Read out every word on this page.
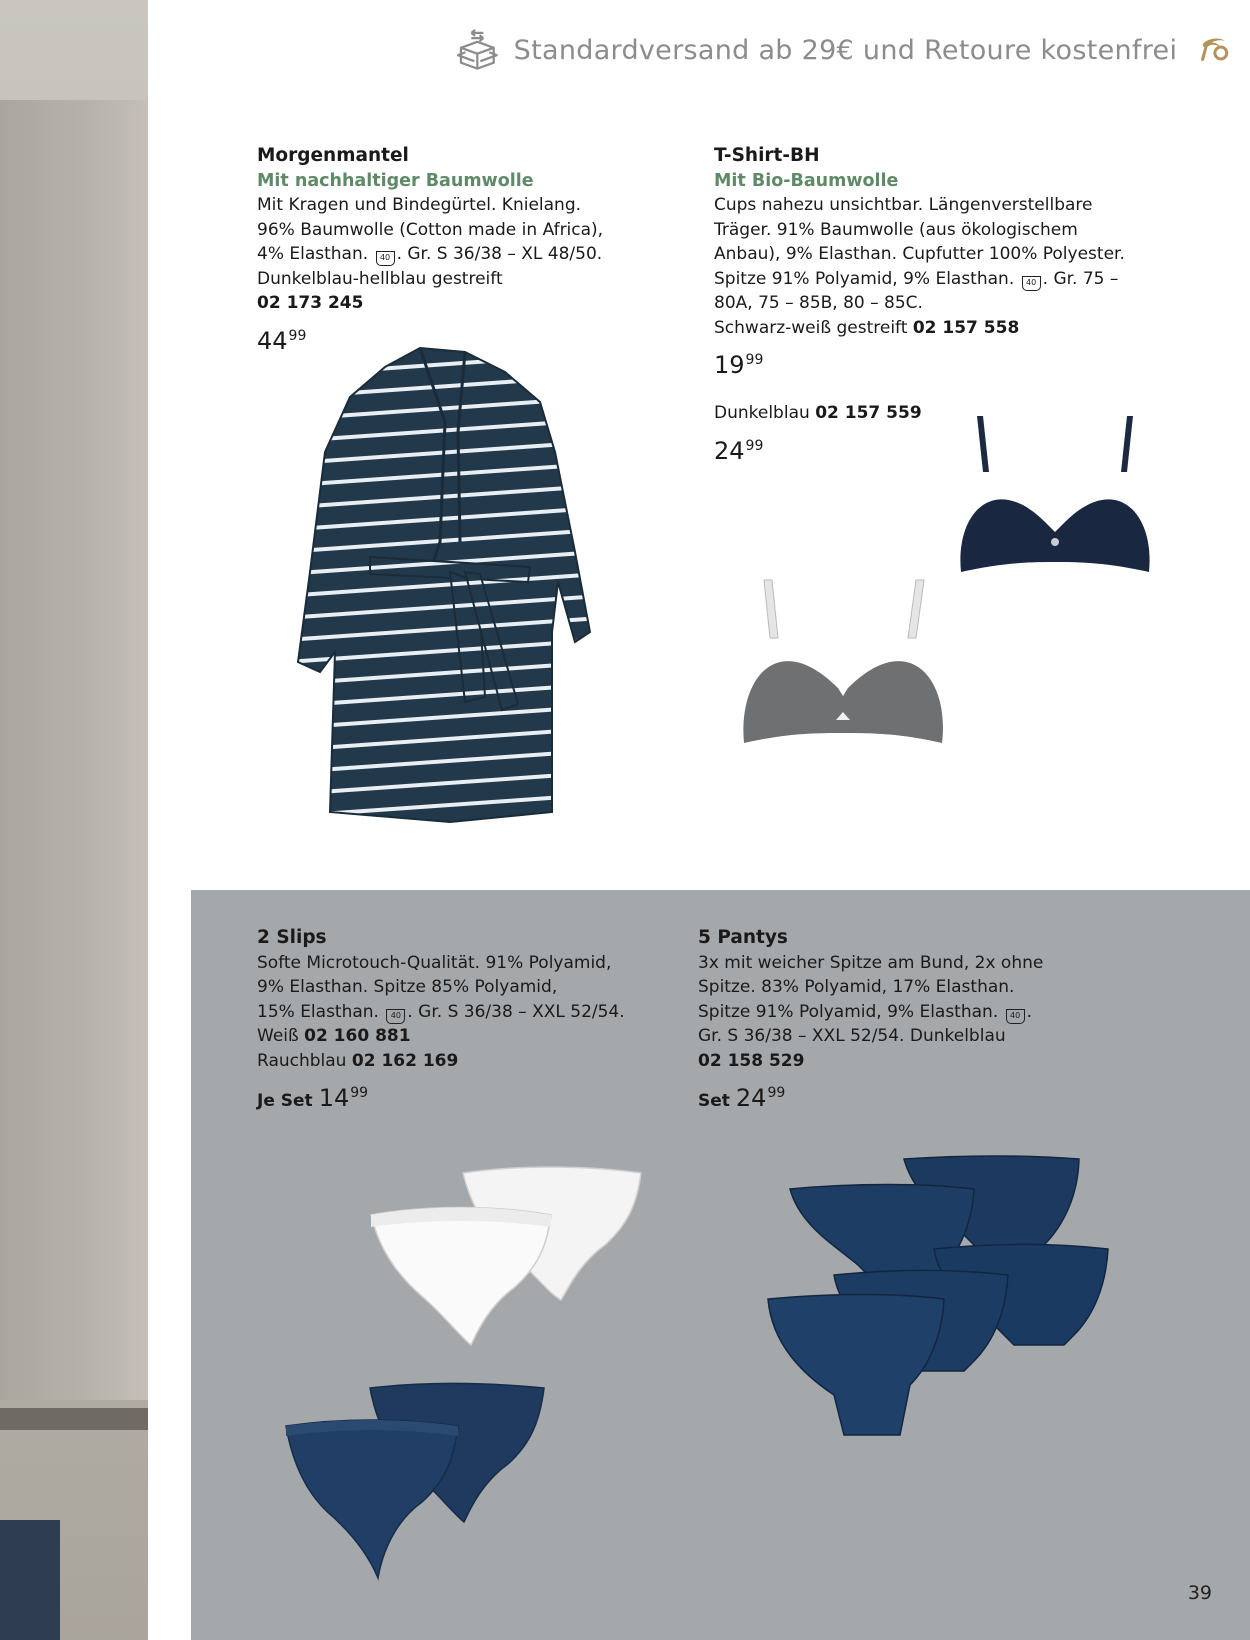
Standardversand ab 29€ und Retoure kostenfrei
Morgenmantel
Mit nachhaltiger Baumwolle
Mit Kragen und Bindegürtel. Knielang.
96% Baumwolle (Cotton made in Africa),
4% Elasthan. 40 . Gr. S 36/38 – XL 48/50.
Dunkelblau-hellblau gestreift
02 173 245
$44^{99}$
T-Shirt-BH
Mit Bio-Baumwolle
Cups nahezu unsichtbar. Längenverstellbare
Träger. 91% Baumwolle (aus ökologischem
Anbau), 9% Elasthan. Cupfutter 100% Polyester.
Spitze 91% Polyamid, 9% Elasthan. 40 . Gr. 75 –
80A, 75 – 85B, 80 – 85C.
Schwarz-weiß gestreift 02 157 558
$19^{99}$
Dunkelblau 02 157 559
$24^{99}$
2 Slips
Softe Microtouch-Qualität. 91% Polyamid,
9% Elasthan. Spitze 85% Polyamid,
15% Elasthan. 40 . Gr. S 36/38 – XXL 52/54.
Weiß 02 160 881
Rauchblau 02 162 169
Je Set $14^{99}$
5 Pantys
3x mit weicher Spitze am Bund, 2x ohne
Spitze. 83% Polyamid, 17% Elasthan.
Spitze 91% Polyamid, 9% Elasthan. 40 .
Gr. S 36/38 – XXL 52/54. Dunkelblau
02 158 529
Set $24^{99}$
39
